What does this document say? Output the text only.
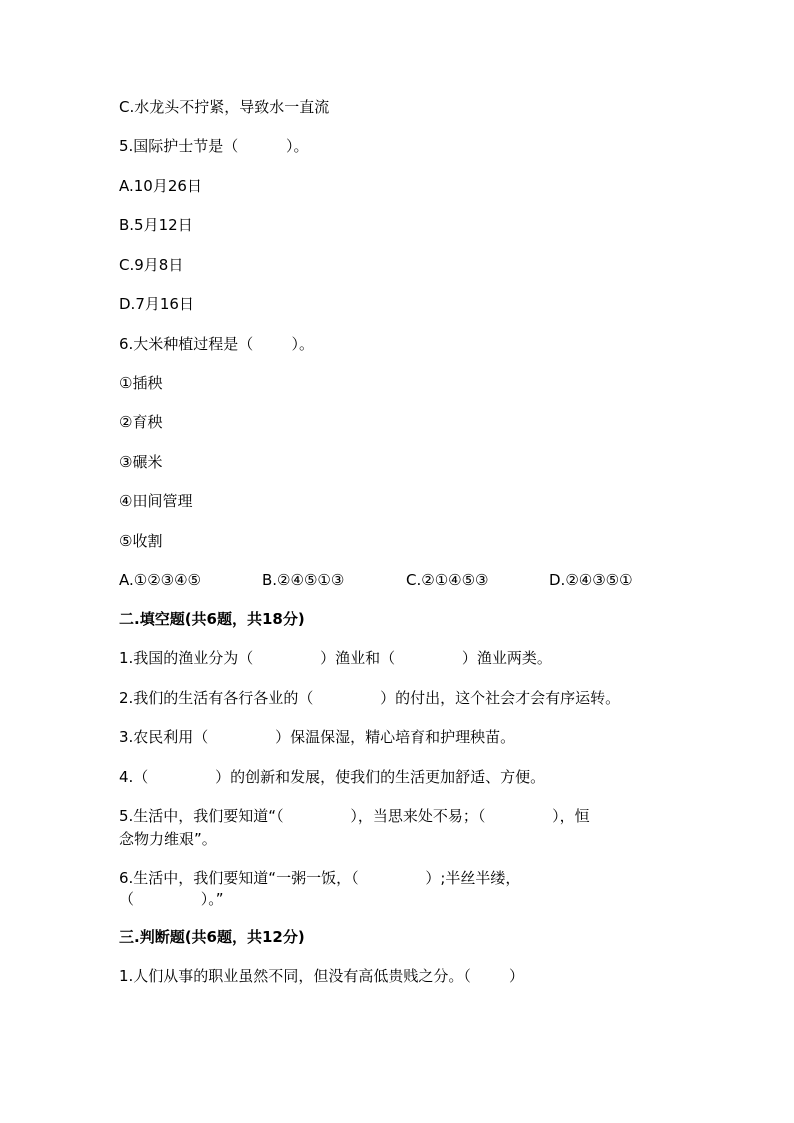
C.水龙头不拧紧，导致水一直流
5.国际护士节是（          ）。
A.10月26日
B.5月12日
C.9月8日
D.7月16日
6.大米种植过程是（        ）。
①插秧
②育秧
③碾米
④田间管理
⑤收割
A.①②③④⑤	B.②④⑤①③	C.②①④⑤③	D.②④③⑤①
二.填空题(共6题，共18分)
1.我国的渔业分为（              ）渔业和（              ）渔业两类。
2.我们的生活有各行各业的（              ）的付出，这个社会才会有序运转。
3.农民利用（              ）保温保湿，精心培育和护理秧苗。
4.（              ）的创新和发展，使我们的生活更加舒适、方便。
5.生活中，我们要知道“（              ），当思来处不易；（              ），恒
念物力维艰”。
6.生活中，我们要知道“一粥一饭，（              ）;半丝半缕，
（              ）。”
三.判断题(共6题，共12分)
1.人们从事的职业虽然不同，但没有高低贵贱之分。（        ）
